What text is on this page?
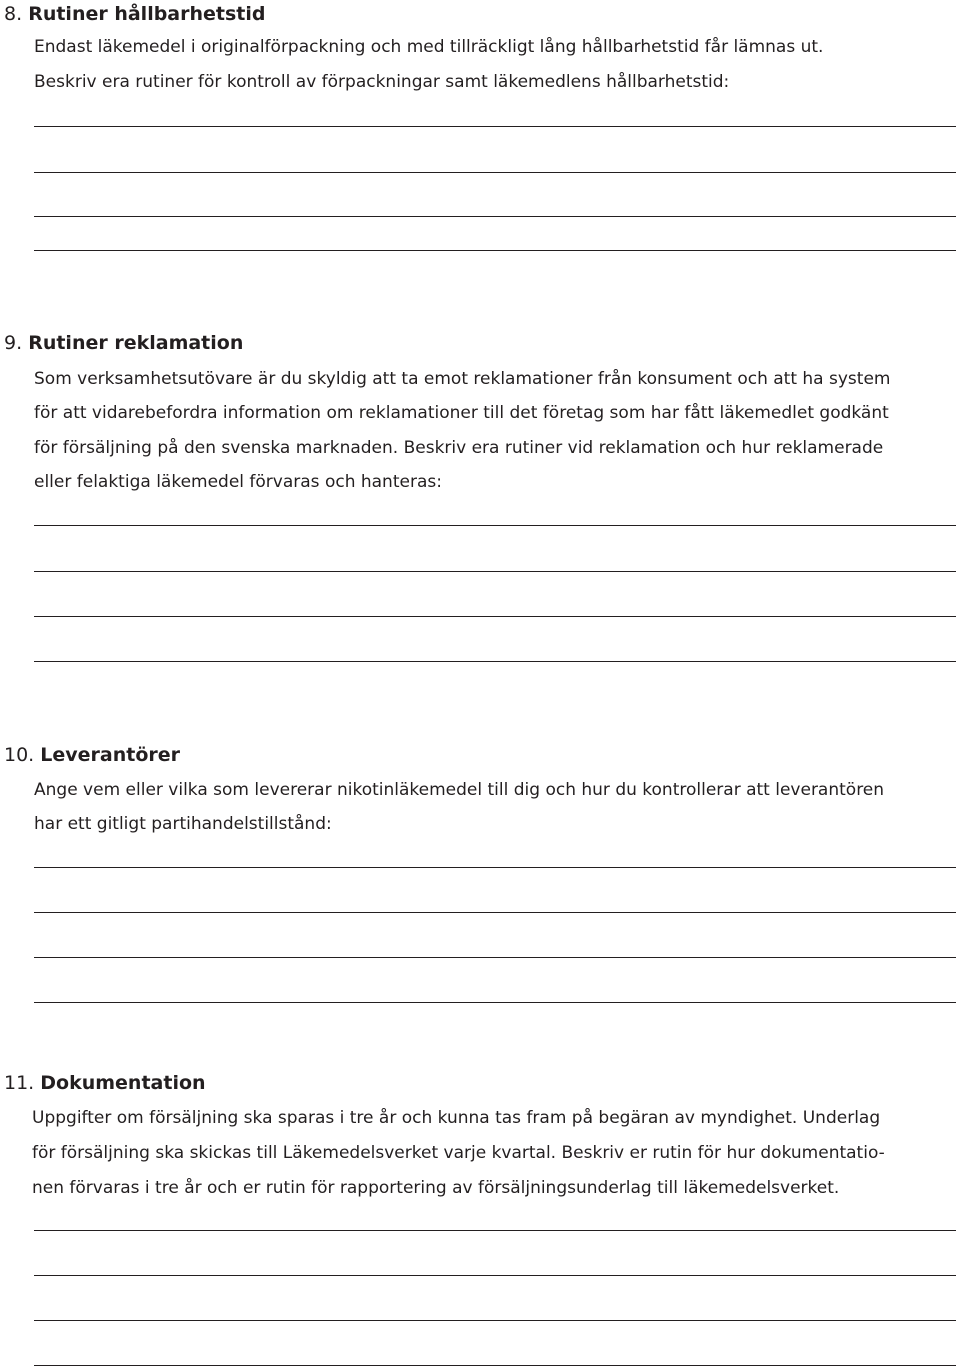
8. Rutiner hållbarhetstid
Endast läkemedel i originalförpackning och med tillräckligt lång hållbarhetstid får lämnas ut.
Beskriv era rutiner för kontroll av förpackningar samt läkemedlens hållbarhetstid:
9. Rutiner reklamation
Som verksamhetsutövare är du skyldig att ta emot reklamationer från konsument och att ha system
för att vidarebefordra information om reklamationer till det företag som har fått läkemedlet godkänt
för försäljning på den svenska marknaden. Beskriv era rutiner vid reklamation och hur reklamerade
eller felaktiga läkemedel förvaras och hanteras:
10. Leverantörer
Ange vem eller vilka som levererar nikotinläkemedel till dig och hur du kontrollerar att leverantören
har ett gitligt partihandelstillstånd:
11. Dokumentation
Uppgifter om försäljning ska sparas i tre år och kunna tas fram på begäran av myndighet. Underlag
för försäljning ska skickas till Läkemedelsverket varje kvartal. Beskriv er rutin för hur dokumentatio-
nen förvaras i tre år och er rutin för rapportering av försäljningsunderlag till läkemedelsverket.
